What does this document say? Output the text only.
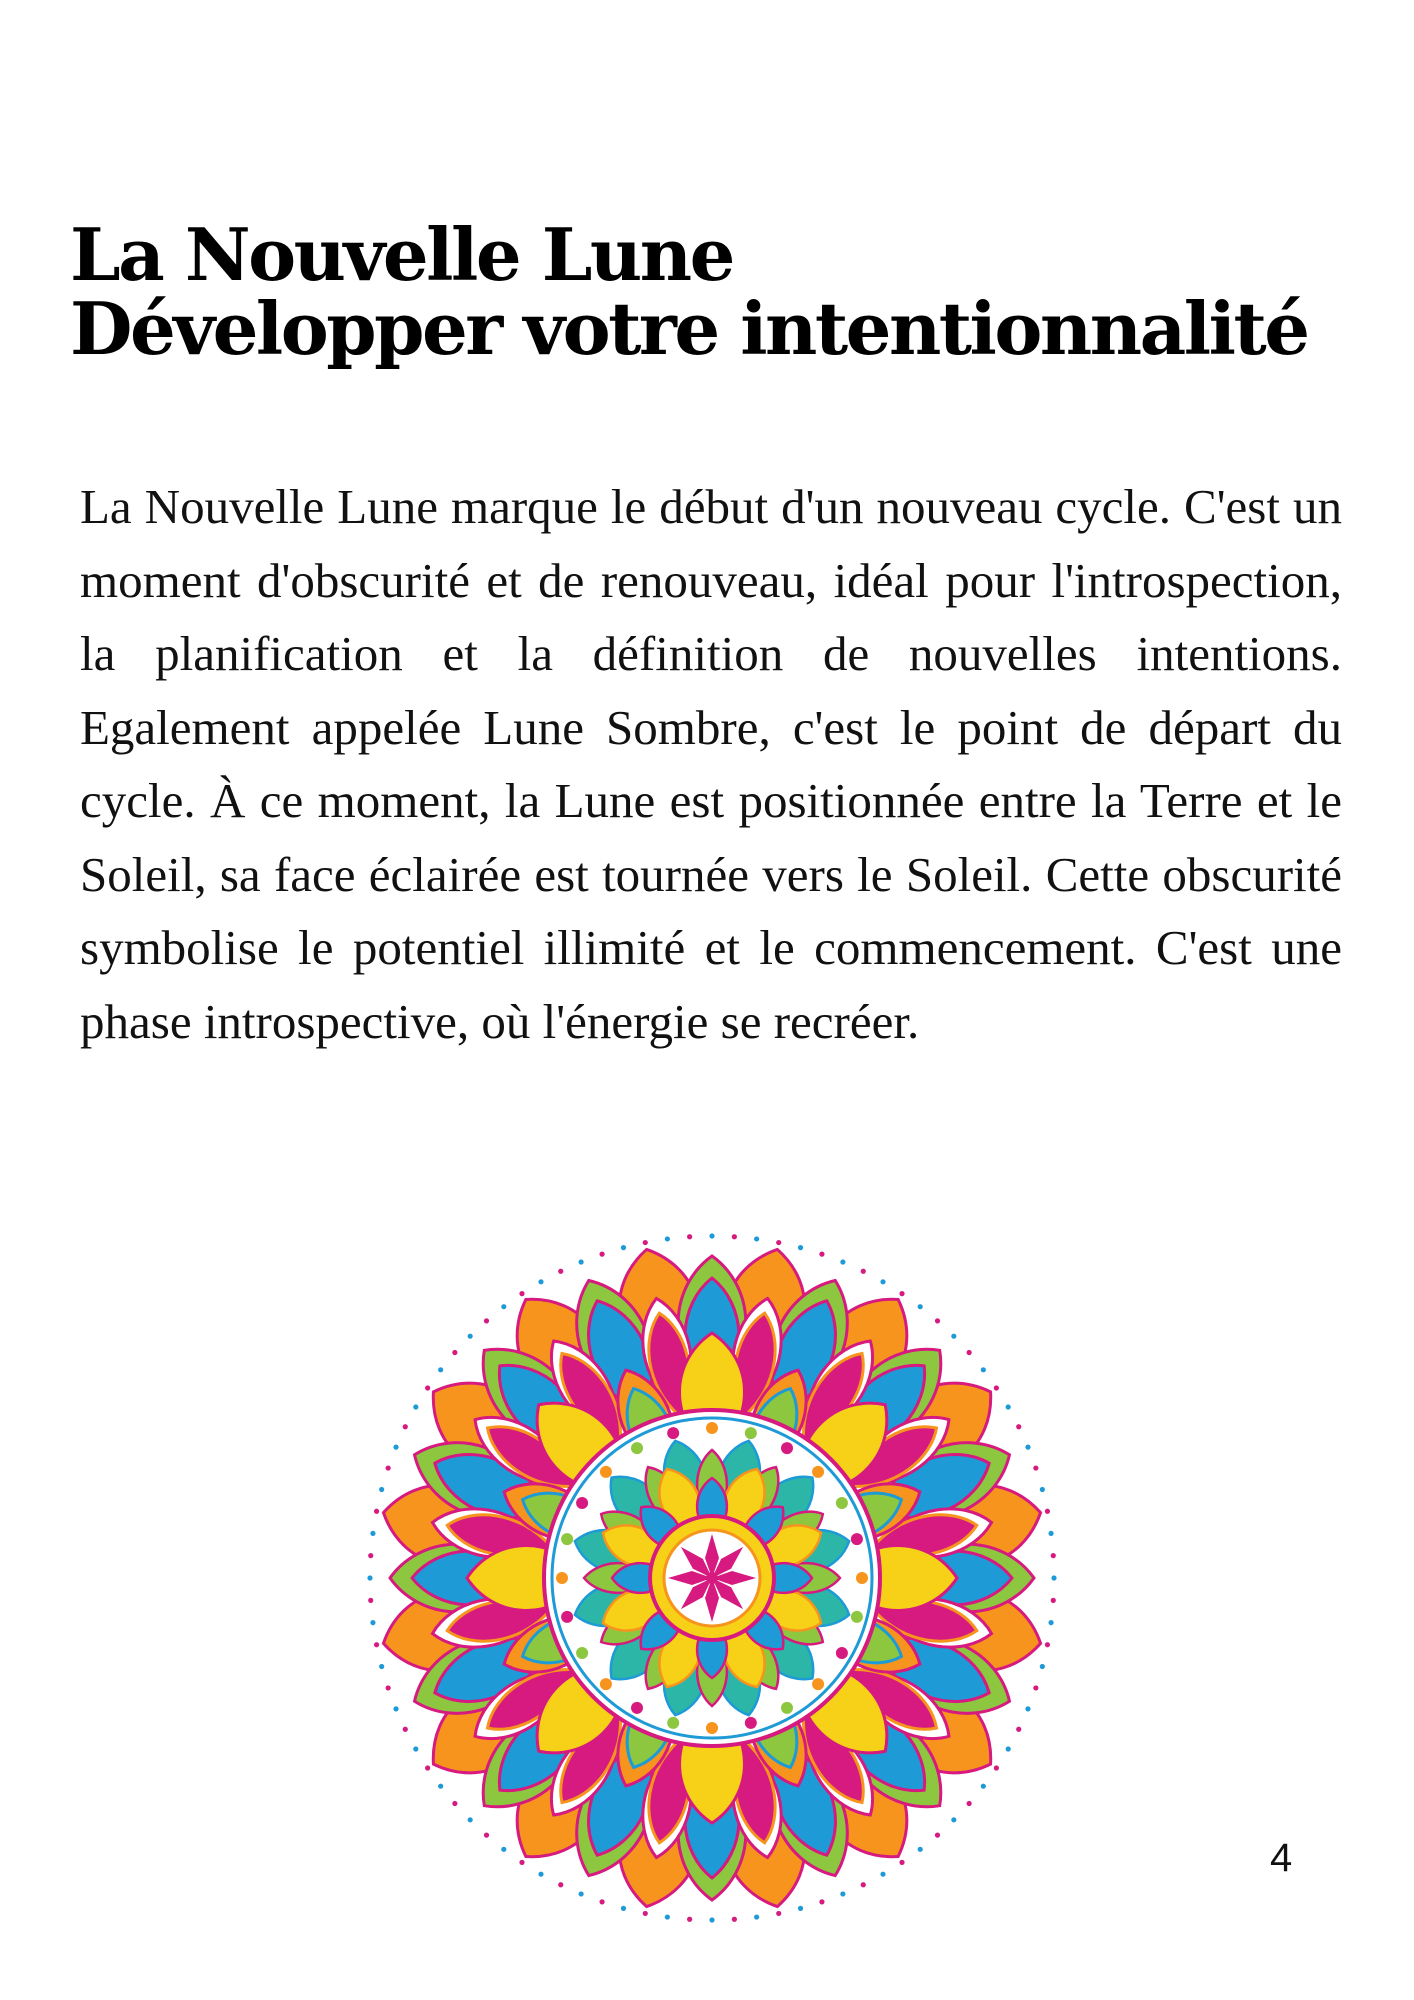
La Nouvelle Lune
Développer votre intentionnalité

La Nouvelle Lune marque le début d'un nouveau cycle. C'est un moment d'obscurité et de renouveau, idéal pour l'introspection, la planification et la définition de nouvelles intentions. Egalement appelée Lune Sombre, c'est le point de départ du cycle. À ce moment, la Lune est positionnée entre la Terre et le Soleil, sa face éclairée est tournée vers le Soleil. Cette obscurité symbolise le potentiel illimité et le commencement. C'est une phase introspective, où l'énergie se recréer.

4
